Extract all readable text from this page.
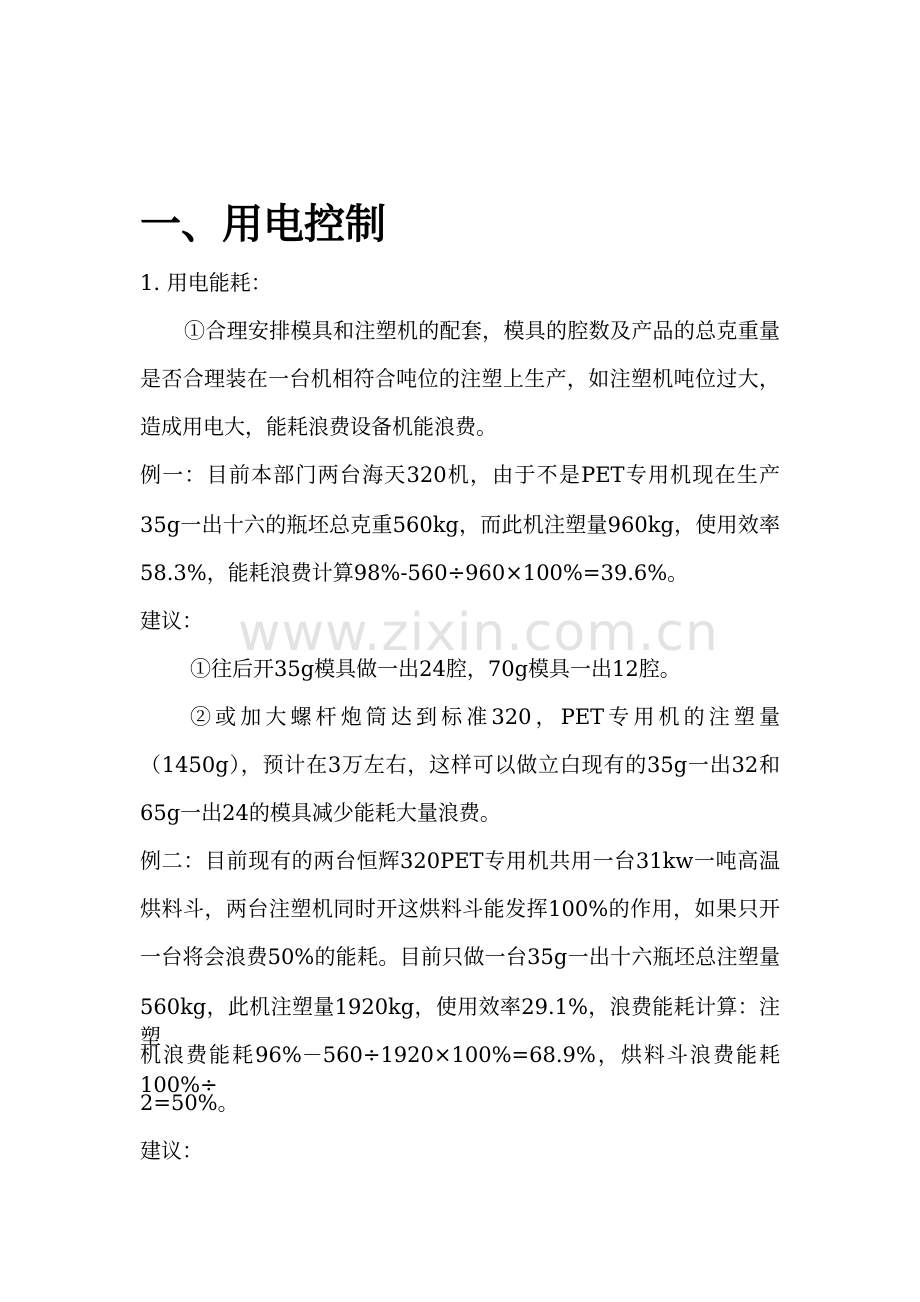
一、用电控制
1. 用电能耗：
①合理安排模具和注塑机的配套，模具的腔数及产品的总克重量
是否合理装在一台机相符合吨位的注塑上生产，如注塑机吨位过大，
造成用电大，能耗浪费设备机能浪费。
例一：目前本部门两台海天320机，由于不是PET专用机现在生产
35g一出十六的瓶坯总克重560kg，而此机注塑量960kg，使用效率
58.3%，能耗浪费计算98%-560÷960×100%=39.6%。
建议：
①往后开35g模具做一出24腔，70g模具一出12腔。
②或加大螺杆炮筒达到标准320，PET专用机的注塑量
（1450g），预计在3万左右，这样可以做立白现有的35g一出32和
65g一出24的模具减少能耗大量浪费。
例二：目前现有的两台恒辉320PET专用机共用一台31kw一吨高温
烘料斗，两台注塑机同时开这烘料斗能发挥100%的作用，如果只开
一台将会浪费50%的能耗。目前只做一台35g一出十六瓶坯总注塑量
560kg，此机注塑量1920kg，使用效率29.1%，浪费能耗计算：注塑
机浪费能耗96%－560÷1920×100%=68.9%，烘料斗浪费能耗100%÷
2=50%。
建议：
www.zixin.com.cn
